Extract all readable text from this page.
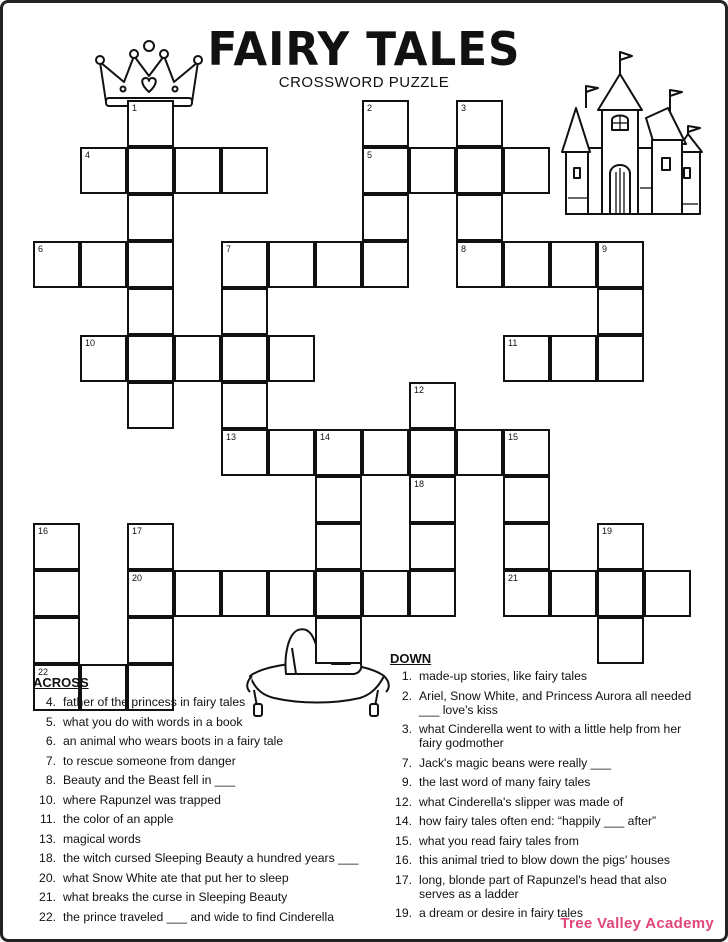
FAIRY TALES
CROSSWORD PUZZLE
1
4
2
5
3
8
6	7	9
13
10	11
12
18
14	15
21
16
22
17
20
19
ACROSS
4. father of the princess in fairy tales
5. what you do with words in a book
6. an animal who wears boots in a fairy tale
7. to rescue someone from danger
8. Beauty and the Beast fell in ___
10. where Rapunzel was trapped
11. the color of an apple
13. magical words
18. the witch cursed Sleeping Beauty a hundred years ___
20. what Snow White ate that put her to sleep
21. what breaks the curse in Sleeping Beauty
22. the prince traveled ___ and wide to find Cinderella
DOWN
1. made-up stories, like fairy tales
2. Ariel, Snow White, and Princess Aurora all needed ___ love's kiss
3. what Cinderella went to with a little help from her fairy godmother
7. Jack's magic beans were really ___
9. the last word of many fairy tales
12. what Cinderella's slipper was made of
14. how fairy tales often end: “happily ___ after”
15. what you read fairy tales from
16. this animal tried to blow down the pigs' houses
17. long, blonde part of Rapunzel's head that also serves as a ladder
19. a dream or desire in fairy tales
Tree Valley Academy
